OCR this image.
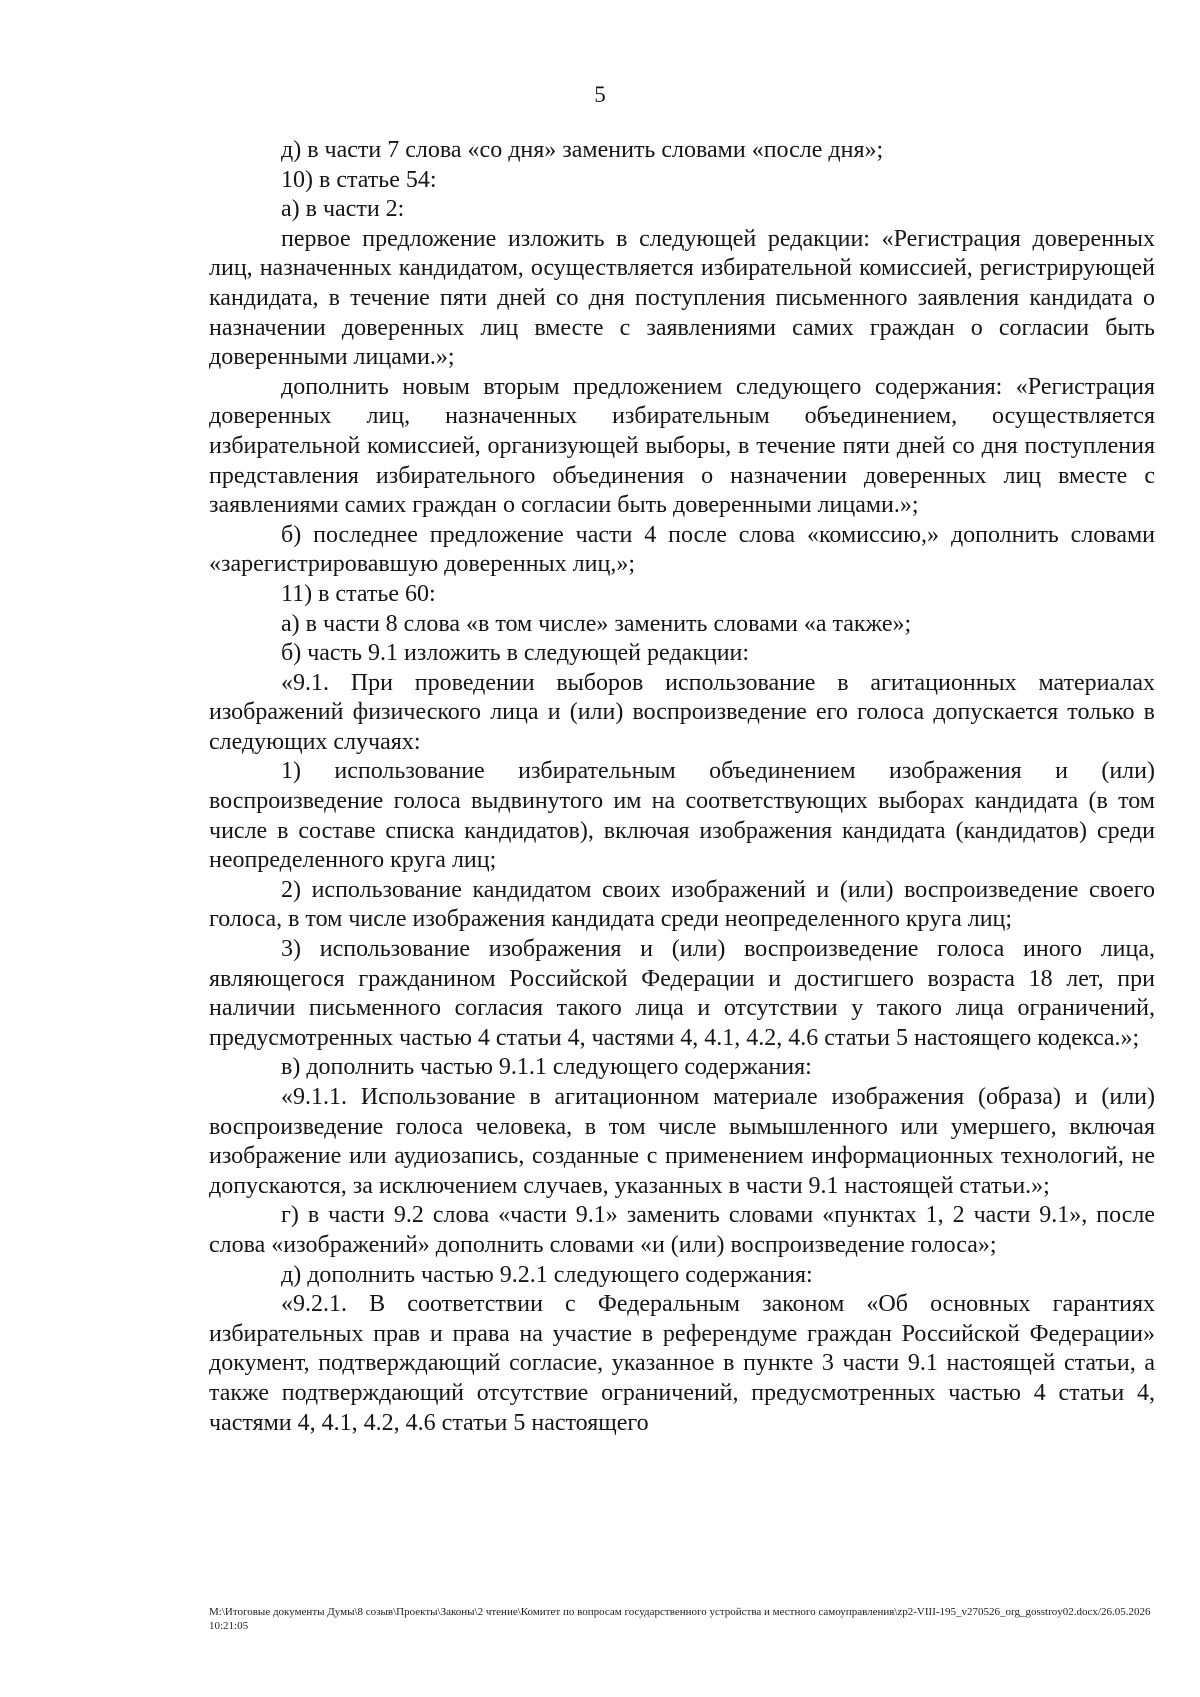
5

д) в части 7 слова «со дня» заменить словами «после дня»;

10) в статье 54:

а) в части 2:

первое предложение изложить в следующей редакции: «Регистрация доверенных лиц, назначенных кандидатом, осуществляется избирательной комиссией, регистрирующей кандидата, в течение пяти дней со дня поступления письменного заявления кандидата о назначении доверенных лиц вместе с заявлениями самих граждан о согласии быть доверенными лицами.»;

дополнить новым вторым предложением следующего содержания: «Регистрация доверенных лиц, назначенных избирательным объединением, осуществляется избирательной комиссией, организующей выборы, в течение пяти дней со дня поступления представления избирательного объединения о назначении доверенных лиц вместе с заявлениями самих граждан о согласии быть доверенными лицами.»;

б) последнее предложение части 4 после слова «комиссию,» дополнить словами «зарегистрировавшую доверенных лиц,»;

11) в статье 60:

а) в части 8 слова «в том числе» заменить словами «а также»;

б) часть 9.1 изложить в следующей редакции:

«9.1. При проведении выборов использование в агитационных материалах изображений физического лица и (или) воспроизведение его голоса допускается только в следующих случаях:

1) использование избирательным объединением изображения и (или) воспроизведение голоса выдвинутого им на соответствующих выборах кандидата (в том числе в составе списка кандидатов), включая изображения кандидата (кандидатов) среди неопределенного круга лиц;

2) использование кандидатом своих изображений и (или) воспроизведение своего голоса, в том числе изображения кандидата среди неопределенного круга лиц;

3) использование изображения и (или) воспроизведение голоса иного лица, являющегося гражданином Российской Федерации и достигшего возраста 18 лет, при наличии письменного согласия такого лица и отсутствии у такого лица ограничений, предусмотренных частью 4 статьи 4, частями 4, 4.1, 4.2, 4.6 статьи 5 настоящего кодекса.»;

в) дополнить частью 9.1.1 следующего содержания:

«9.1.1. Использование в агитационном материале изображения (образа) и (или) воспроизведение голоса человека, в том числе вымышленного или умершего, включая изображение или аудиозапись, созданные с применением информационных технологий, не допускаются, за исключением случаев, указанных в части 9.1 настоящей статьи.»;

г) в части 9.2 слова «части 9.1» заменить словами «пунктах 1, 2 части 9.1», после слова «изображений» дополнить словами «и (или) воспроизведение голоса»;

д) дополнить частью 9.2.1 следующего содержания:

«9.2.1. В соответствии с Федеральным законом «Об основных гарантиях избирательных прав и права на участие в референдуме граждан Российской Федерации» документ, подтверждающий согласие, указанное в пункте 3 части 9.1 настоящей статьи, а также подтверждающий отсутствие ограничений, предусмотренных частью 4 статьи 4, частями 4, 4.1, 4.2, 4.6 статьи 5 настоящего

M:\Итоговые документы Думы\8 созыв\Проекты\Законы\2 чтение\Комитет по вопросам государственного устройства и местного самоуправления\zp2-VIII-195_v270526_org_gosstroy02.docx/26.05.2026 10:21:05
